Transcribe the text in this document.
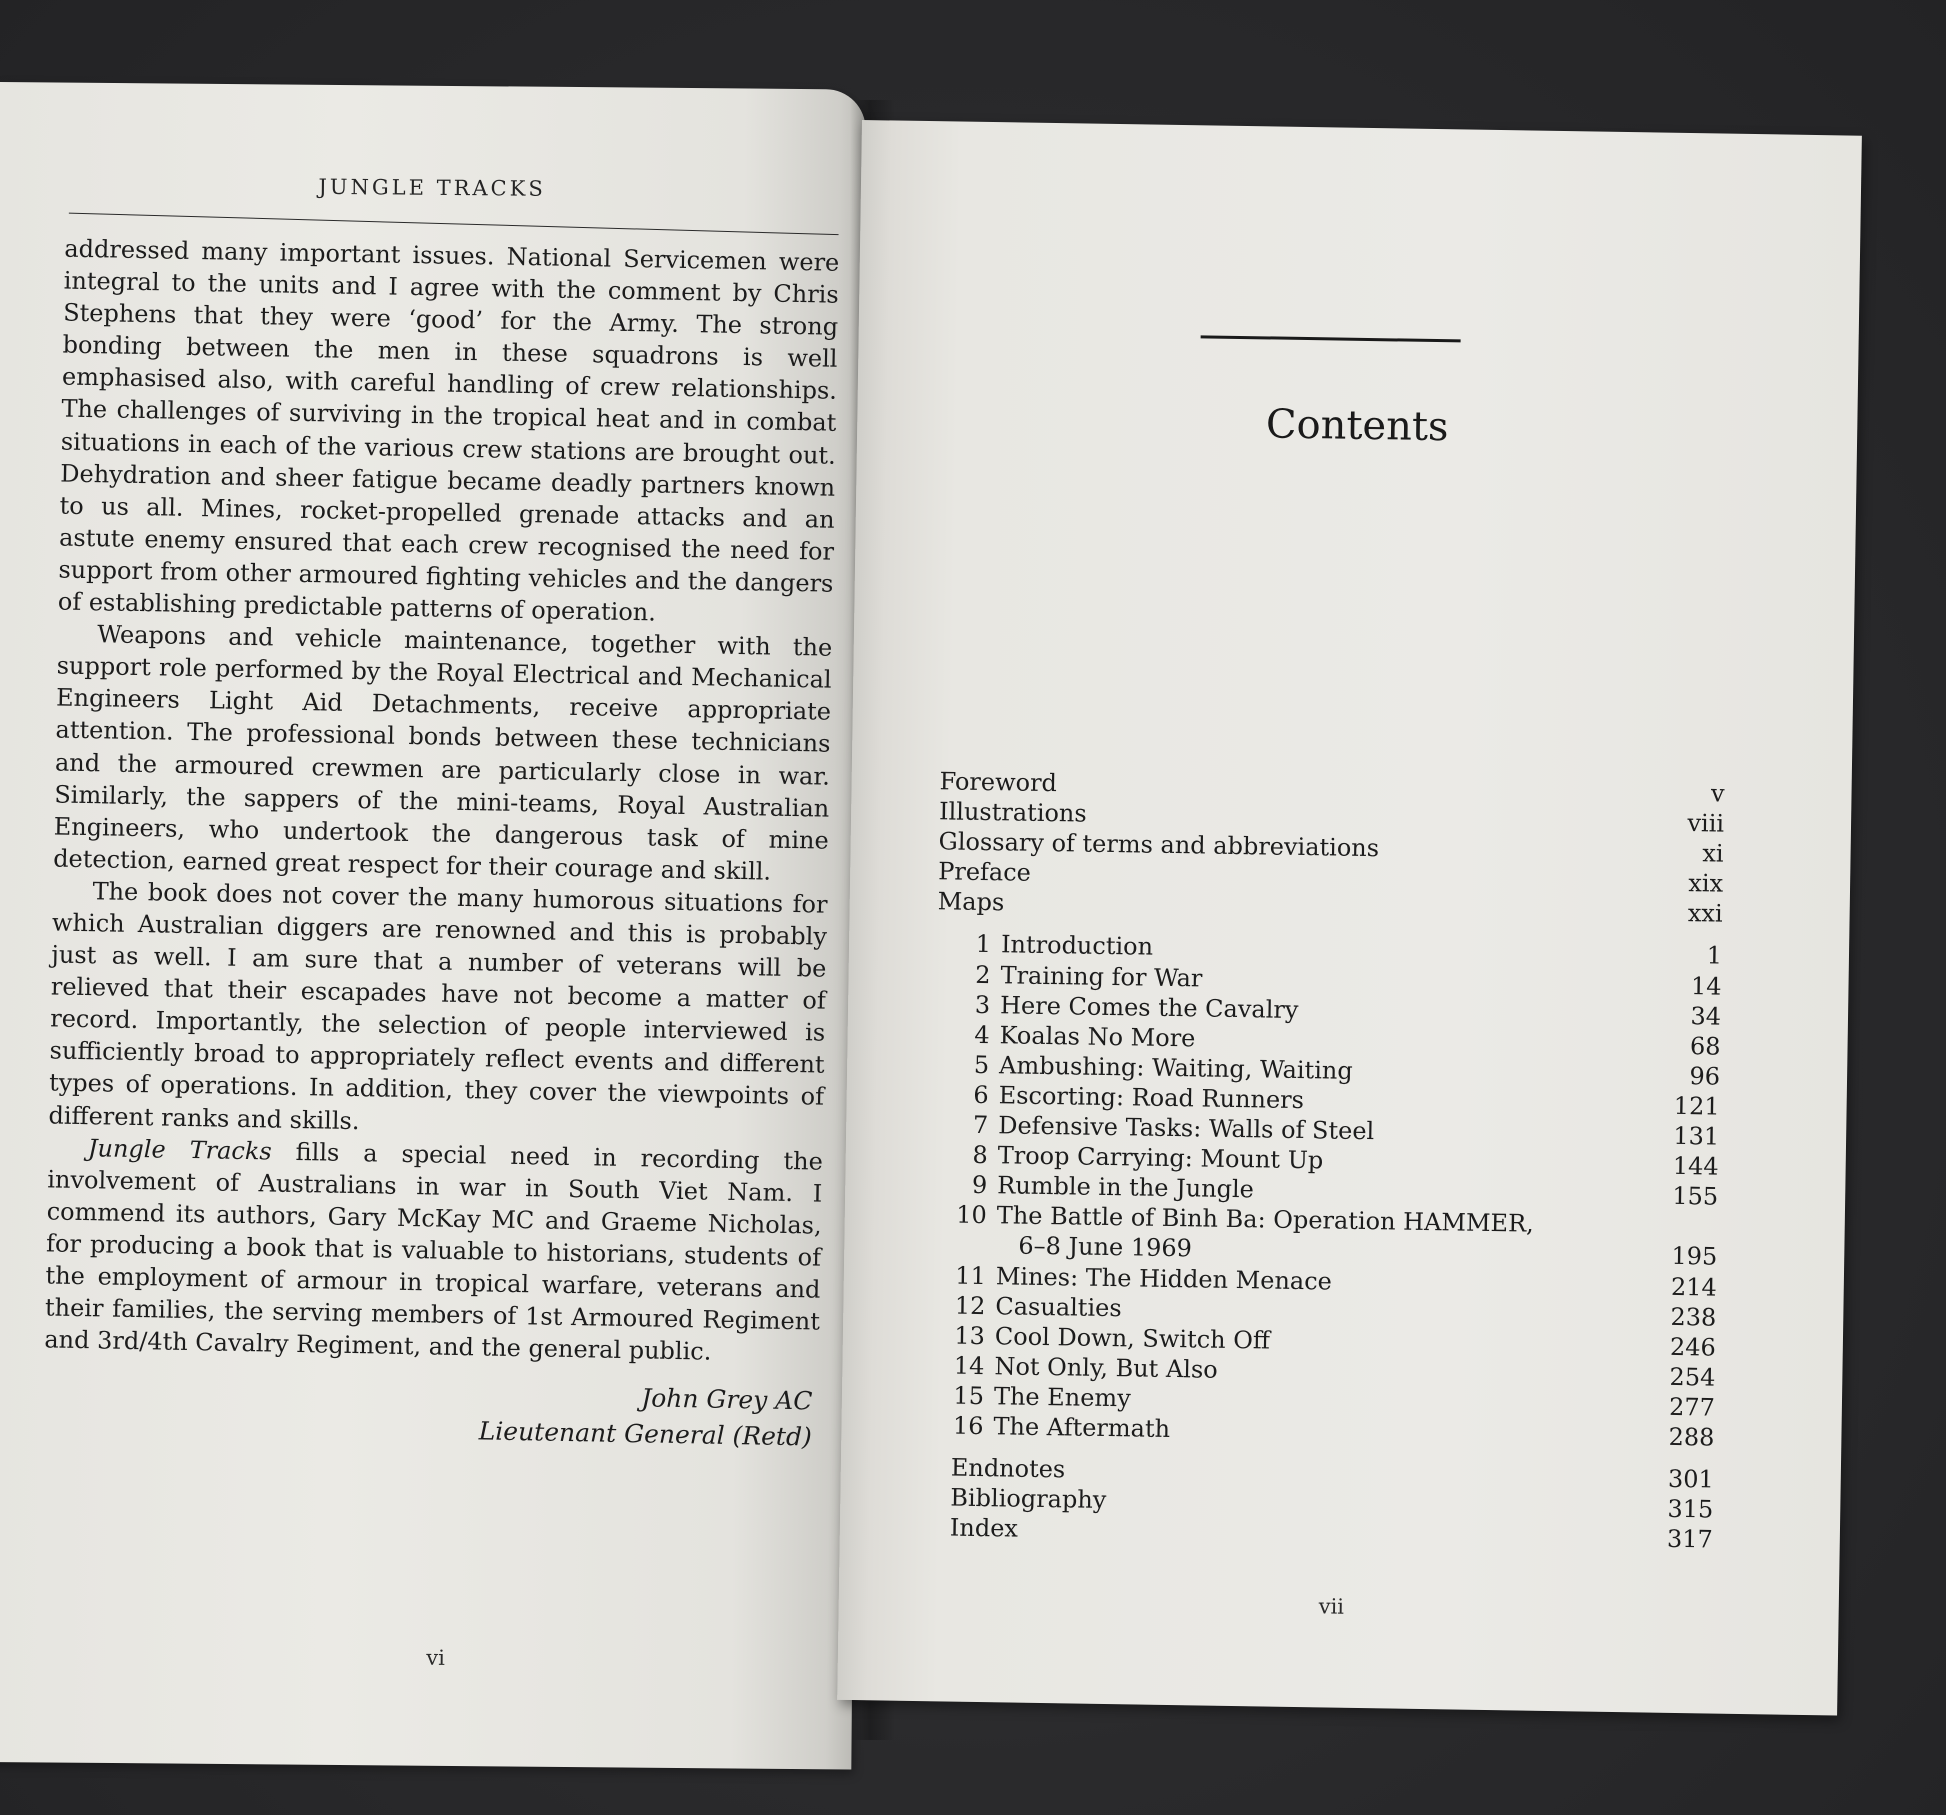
JUNGLE TRACKS

addressed many important issues. National Servicemen were integral to the units and I agree with the comment by Chris Stephens that they were ‘good’ for the Army. The strong bonding between the men in these squadrons is well emphasised also, with careful handling of crew relationships. The challenges of surviving in the tropical heat and in combat situations in each of the various crew stations are brought out. Dehydration and sheer fatigue became deadly partners known to us all. Mines, rocket-propelled grenade attacks and an astute enemy ensured that each crew recognised the need for support from other armoured fighting vehicles and the dangers of establishing predictable patterns of operation.

Weapons and vehicle maintenance, together with the support role performed by the Royal Electrical and Mechanical Engineers Light Aid Detachments, receive appropriate attention. The professional bonds between these technicians and the armoured crewmen are particularly close in war. Similarly, the sappers of the mini-teams, Royal Australian Engineers, who undertook the dangerous task of mine detection, earned great respect for their courage and skill.

The book does not cover the many humorous situations for which Australian diggers are renowned and this is probably just as well. I am sure that a number of veterans will be relieved that their escapades have not become a matter of record. Importantly, the selection of people interviewed is sufficiently broad to appropriately reflect events and different types of operations. In addition, they cover the viewpoints of different ranks and skills.

Jungle Tracks fills a special need in recording the involvement of Australians in war in South Viet Nam. I commend its authors, Gary McKay MC and Graeme Nicholas, for producing a book that is valuable to historians, students of the employment of armour in tropical warfare, veterans and their families, the serving members of 1st Armoured Regiment and 3rd/4th Cavalry Regiment, and the general public.

John Grey AC
Lieutenant General (Retd)
vi
Contents
Foreword	v
Illustrations	viii
Glossary of terms and abbreviations	xi
Preface	xix
Maps	xxi
1 Introduction	1
2 Training for War	14
3 Here Comes the Cavalry	34
4 Koalas No More	68
5 Ambushing: Waiting, Waiting	96
6 Escorting: Road Runners	121
7 Defensive Tasks: Walls of Steel	131
8 Troop Carrying: Mount Up	144
9 Rumble in the Jungle	155
10 The Battle of Binh Ba: Operation HAMMER,
6–8 June 1969	195
11 Mines: The Hidden Menace	214
12 Casualties	238
13 Cool Down, Switch Off	246
14 Not Only, But Also	254
15 The Enemy	277
16 The Aftermath	288
Endnotes	301
Bibliography	315
Index	317
vii
